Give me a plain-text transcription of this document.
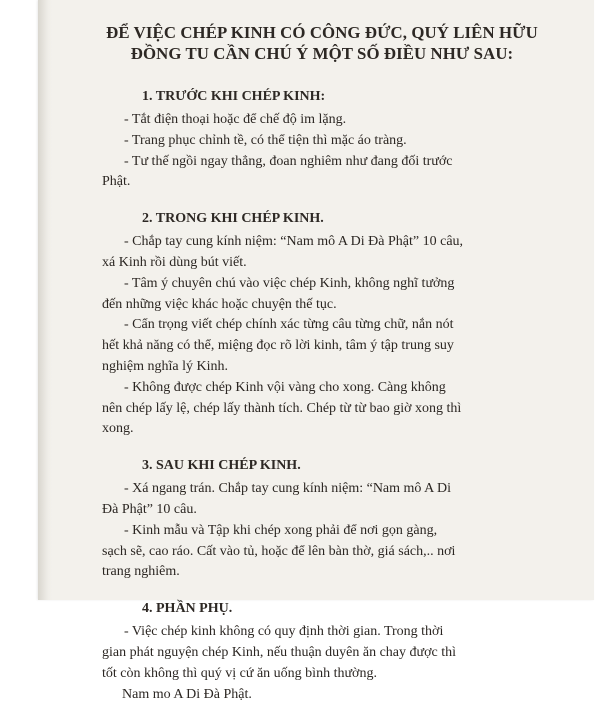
ĐỂ VIỆC CHÉP KINH CÓ CÔNG ĐỨC, QUÝ LIÊN HỮU
ĐỒNG TU CẦN CHÚ Ý MỘT SỐ ĐIỀU NHƯ SAU:
1. TRƯỚC KHI CHÉP KINH:
- Tắt điện thoại hoặc để chế độ im lặng.
- Trang phục chỉnh tề, có thể tiện thì mặc áo tràng.
- Tư thế ngồi ngay thẳng, đoan nghiêm như đang đối trước
Phật.
2. TRONG KHI CHÉP KINH.
- Chắp tay cung kính niệm: “Nam mô A Di Đà Phật” 10 câu,
xá Kinh rồi dùng bút viết.
- Tâm ý chuyên chú vào việc chép Kinh, không nghĩ tưởng
đến những việc khác hoặc chuyện thế tục.
- Cẩn trọng viết chép chính xác từng câu từng chữ, nắn nót
hết khả năng có thể, miệng đọc rõ lời kinh, tâm ý tập trung suy
nghiệm nghĩa lý Kinh.
- Không được chép Kinh vội vàng cho xong. Càng không
nên chép lấy lệ, chép lấy thành tích. Chép từ từ bao giờ xong thì
xong.
3. SAU KHI CHÉP KINH.
- Xá ngang trán. Chắp tay cung kính niệm: “Nam mô A Di
Đà Phật” 10 câu.
- Kinh mẫu và Tập khi chép xong phải để nơi gọn gàng,
sạch sẽ, cao ráo. Cất vào tủ, hoặc để lên bàn thờ, giá sách,.. nơi
trang nghiêm.
4. PHẦN PHỤ.
- Việc chép kinh không có quy định thời gian. Trong thời
gian phát nguyện chép Kinh, nếu thuận duyên ăn chay được thì
tốt còn không thì quý vị cứ ăn uống bình thường.
Nam mo A Di Đà Phật.
